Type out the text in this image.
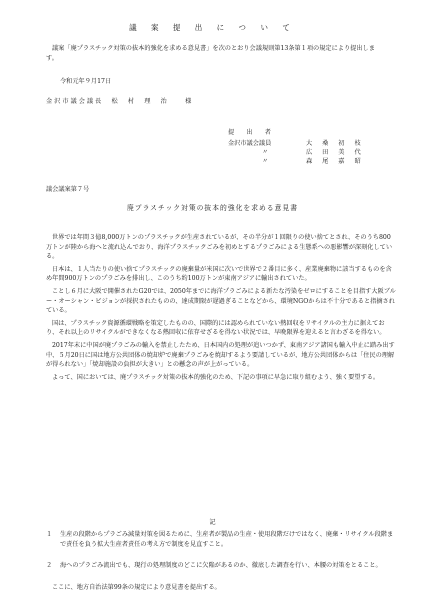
議 案 提 出 に つ い て
議案「廃プラスチック対策の抜本的強化を求める意見書」を次のとおり会議規則第13条第１項の規定により提出します。
令和元年９月17日
金沢市議会議長　松　村　理　治　　様
提　出　者
金沢市議会議員	大 桑 初 枝
〃	広 田 美 代
〃	森 尾 嘉 昭
議会議案第７号
廃プラスチック対策の抜本的強化を求める意見書

世界では年間３億8,000万トンのプラスチックが生産されているが、その半分が１回限りの使い捨てとされ、そのうち800万トンが陸から海へと流れ込んでおり、海洋プラスチックごみを初めとするプラごみによる生態系への悪影響が深刻化している。

日本は、１人当たりの使い捨てプラスチックの廃棄量が米国に次いで世界で２番目に多く、産業廃棄物に該当するものを含め年間900万トンのプラごみを排出し、このうち約100万トンが東南アジアに輸出されていた。

ことし６月に大阪で開催されたG20では、2050年までに海洋プラごみによる新たな汚染をゼロにすることを目指す大阪ブルー・オーシャン・ビジョンが採択されたものの、達成期限が遅過ぎることなどから、環境NGOからは不十分であると指摘されている。

国は、プラスチック資源循環戦略を策定したものの、国際的には認められていない熱回収をリサイクルの主力に据えており、それ以上のリサイクルができなくなる熱回収に依存せざるを得ない状況では、早晩限界を迎えると言わざるを得ない。

2017年末に中国が廃プラごみの輸入を禁止したため、日本国内の処理が追いつかず、東南アジア諸国も輸入中止に踏み出す中、５月20日に国は地方公共団体の焼却炉で廃棄プラごみを焼却するよう要請しているが、地方公共団体からは「住民の理解が得られない」「焼却施設の負担が大きい」との懸念の声が上がっている。

よって、国においては、廃プラスチック対策の抜本的強化のため、下記の事項に早急に取り組むよう、強く要望する。

記
１	生産の段階からプラごみ減量対策を図るために、生産者が製品の生産・使用段階だけではなく、廃棄・リサイクル段階まで責任を負う拡大生産者責任の考え方で制度を見直すこと。
２	海へのプラごみ流出でも、現行の処理制度のどこに欠陥があるのか、徹底した調査を行い、本腰の対策をとること。
ここに、地方自治法第99条の規定により意見書を提出する。
